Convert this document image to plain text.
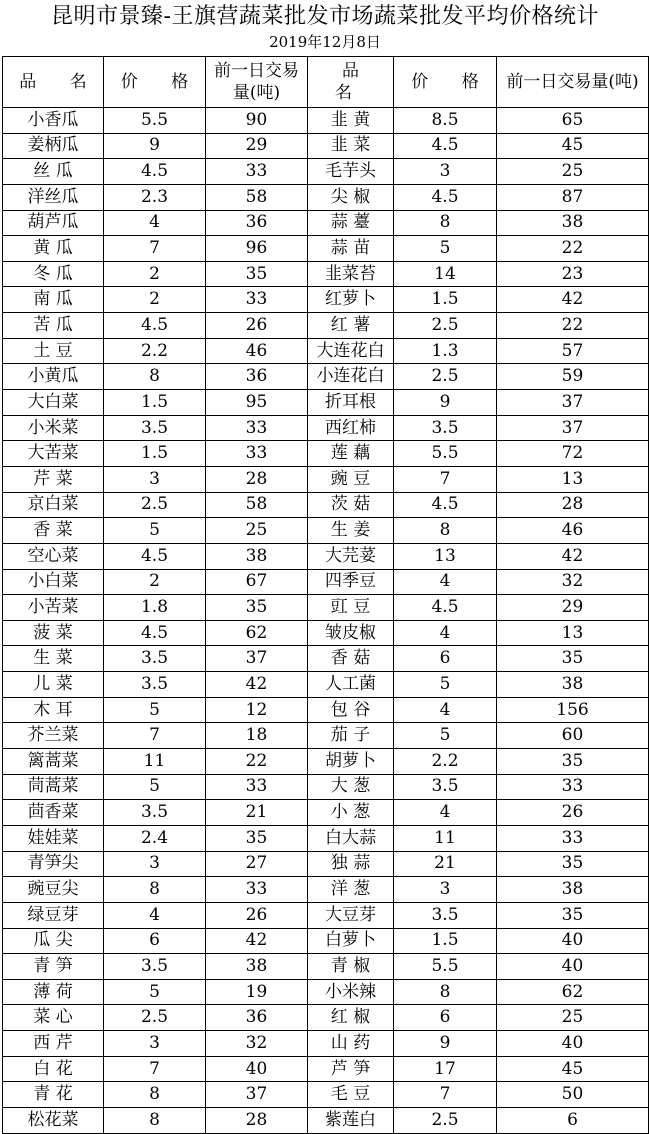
昆明市景臻-王旗营蔬菜批发市场蔬菜批发平均价格统计
2019年12月8日
品 名	价 格	前一日交易量(吨)	品 名	价 格	前一日交易量(吨)
小香瓜	5.5	90	韭 黄	8.5	65
姜柄瓜	9	29	韭 菜	4.5	45
丝 瓜	4.5	33	毛芋头	3	25
洋丝瓜	2.3	58	尖 椒	4.5	87
葫芦瓜	4	36	蒜 薹	8	38
黄 瓜	7	96	蒜 苗	5	22
冬 瓜	2	35	韭菜苔	14	23
南 瓜	2	33	红萝卜	1.5	42
苦 瓜	4.5	26	红 薯	2.5	22
土 豆	2.2	46	大连花白	1.3	57
小黄瓜	8	36	小连花白	2.5	59
大白菜	1.5	95	折耳根	9	37
小米菜	3.5	33	西红柿	3.5	37
大苦菜	1.5	33	莲 藕	5.5	72
芹 菜	3	28	豌 豆	7	13
京白菜	2.5	58	茨 菇	4.5	28
香 菜	5	25	生 姜	8	46
空心菜	4.5	38	大芫荽	13	42
小白菜	2	67	四季豆	4	32
小苦菜	1.8	35	豇 豆	4.5	29
菠 菜	4.5	62	皱皮椒	4	13
生 菜	3.5	37	香 菇	6	35
儿 菜	3.5	42	人工菌	5	38
木 耳	5	12	包 谷	4	156
芥兰菜	7	18	茄 子	5	60
篱蒿菜	11	22	胡萝卜	2.2	35
茼蒿菜	5	33	大 葱	3.5	33
茴香菜	3.5	21	小 葱	4	26
娃娃菜	2.4	35	白大蒜	11	33
青笋尖	3	27	独 蒜	21	35
豌豆尖	8	33	洋 葱	3	38
绿豆芽	4	26	大豆芽	3.5	35
瓜 尖	6	42	白萝卜	1.5	40
青 笋	3.5	38	青 椒	5.5	40
薄 荷	5	19	小米辣	8	62
菜 心	2.5	36	红 椒	6	25
西 芹	3	32	山 药	9	40
白 花	7	40	芦 笋	17	45
青 花	8	37	毛 豆	7	50
松花菜	8	28	紫莲白	2.5	6
